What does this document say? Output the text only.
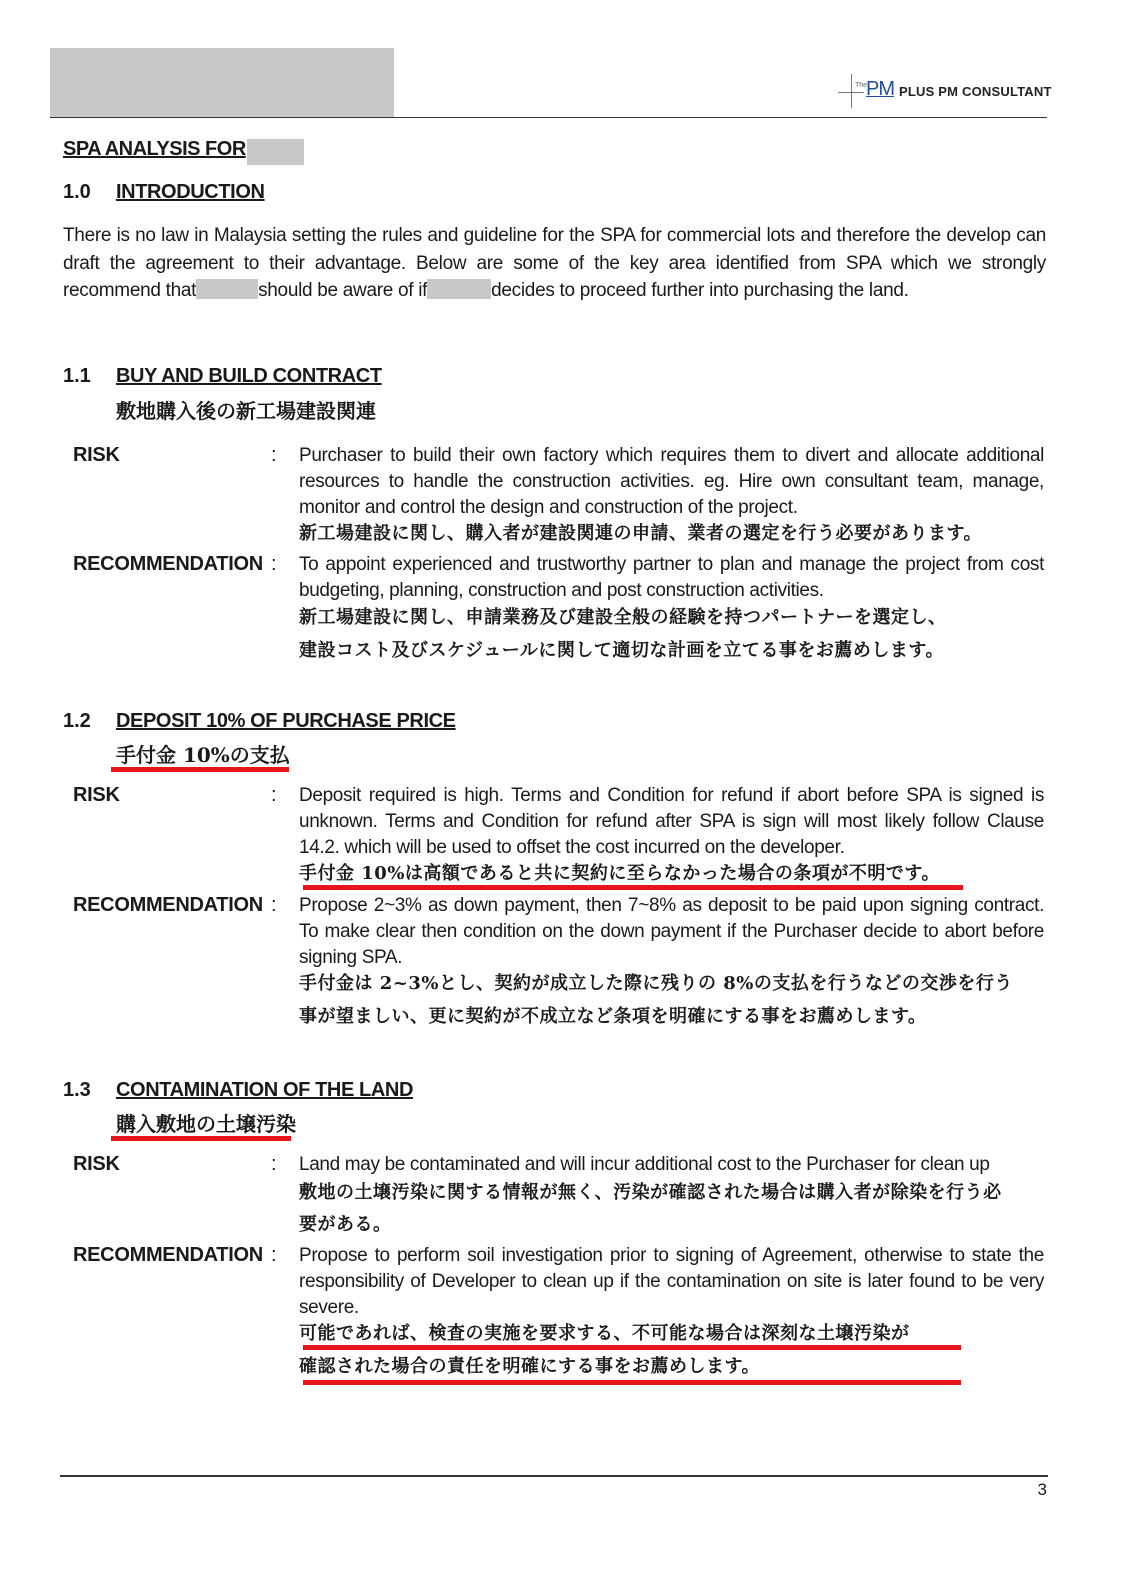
The
PM PLUS PM CONSULTANT
SPA ANALYSIS FOR
1.0 INTRODUCTION
There is no law in Malaysia setting the rules and guideline for the SPA for commercial lots and therefore the develop can draft the agreement to their advantage. Below are some of the key area identified from SPA which we strongly recommend that	should be aware of if	decides to proceed further into purchasing the land.
1.1 BUY AND BUILD CONTRACT
敷地購入後の新工場建設関連
RISK	: Purchaser to build their own factory which requires them to divert and allocate additional resources to handle the construction activities. eg. Hire own consultant team, manage, monitor and control the design and construction of the project.
新工場建設に関し、購入者が建設関連の申請、業者の選定を行う必要があります。
RECOMMENDATION : To appoint experienced and trustworthy partner to plan and manage the project from cost budgeting, planning, construction and post construction activities.
新工場建設に関し、申請業務及び建設全般の経験を持つパートナーを選定し、
建設コスト及びスケジュールに関して適切な計画を立てる事をお薦めします。
1.2 DEPOSIT 10% OF PURCHASE PRICE
手付金 10%の支払
RISK	: Deposit required is high. Terms and Condition for refund if abort before SPA is signed is unknown. Terms and Condition for refund after SPA is sign will most likely follow Clause 14.2. which will be used to offset the cost incurred on the developer.
手付金 10%は高額であると共に契約に至らなかった場合の条項が不明です。
RECOMMENDATION : Propose 2~3% as down payment, then 7~8% as deposit to be paid upon signing contract. To make clear then condition on the down payment if the Purchaser decide to abort before signing SPA.
手付金は 2~3%とし、契約が成立した際に残りの 8%の支払を行うなどの交渉を行う
事が望ましい、更に契約が不成立など条項を明確にする事をお薦めします。
1.3 CONTAMINATION OF THE LAND
購入敷地の土壌汚染
RISK	: Land may be contaminated and will incur additional cost to the Purchaser for clean up
敷地の土壌汚染に関する情報が無く、汚染が確認された場合は購入者が除染を行う必
要がある。
RECOMMENDATION : Propose to perform soil investigation prior to signing of Agreement, otherwise to state the responsibility of Developer to clean up if the contamination on site is later found to be very severe.
可能であれば、検査の実施を要求する、不可能な場合は深刻な土壌汚染が
確認された場合の責任を明確にする事をお薦めします。
3
